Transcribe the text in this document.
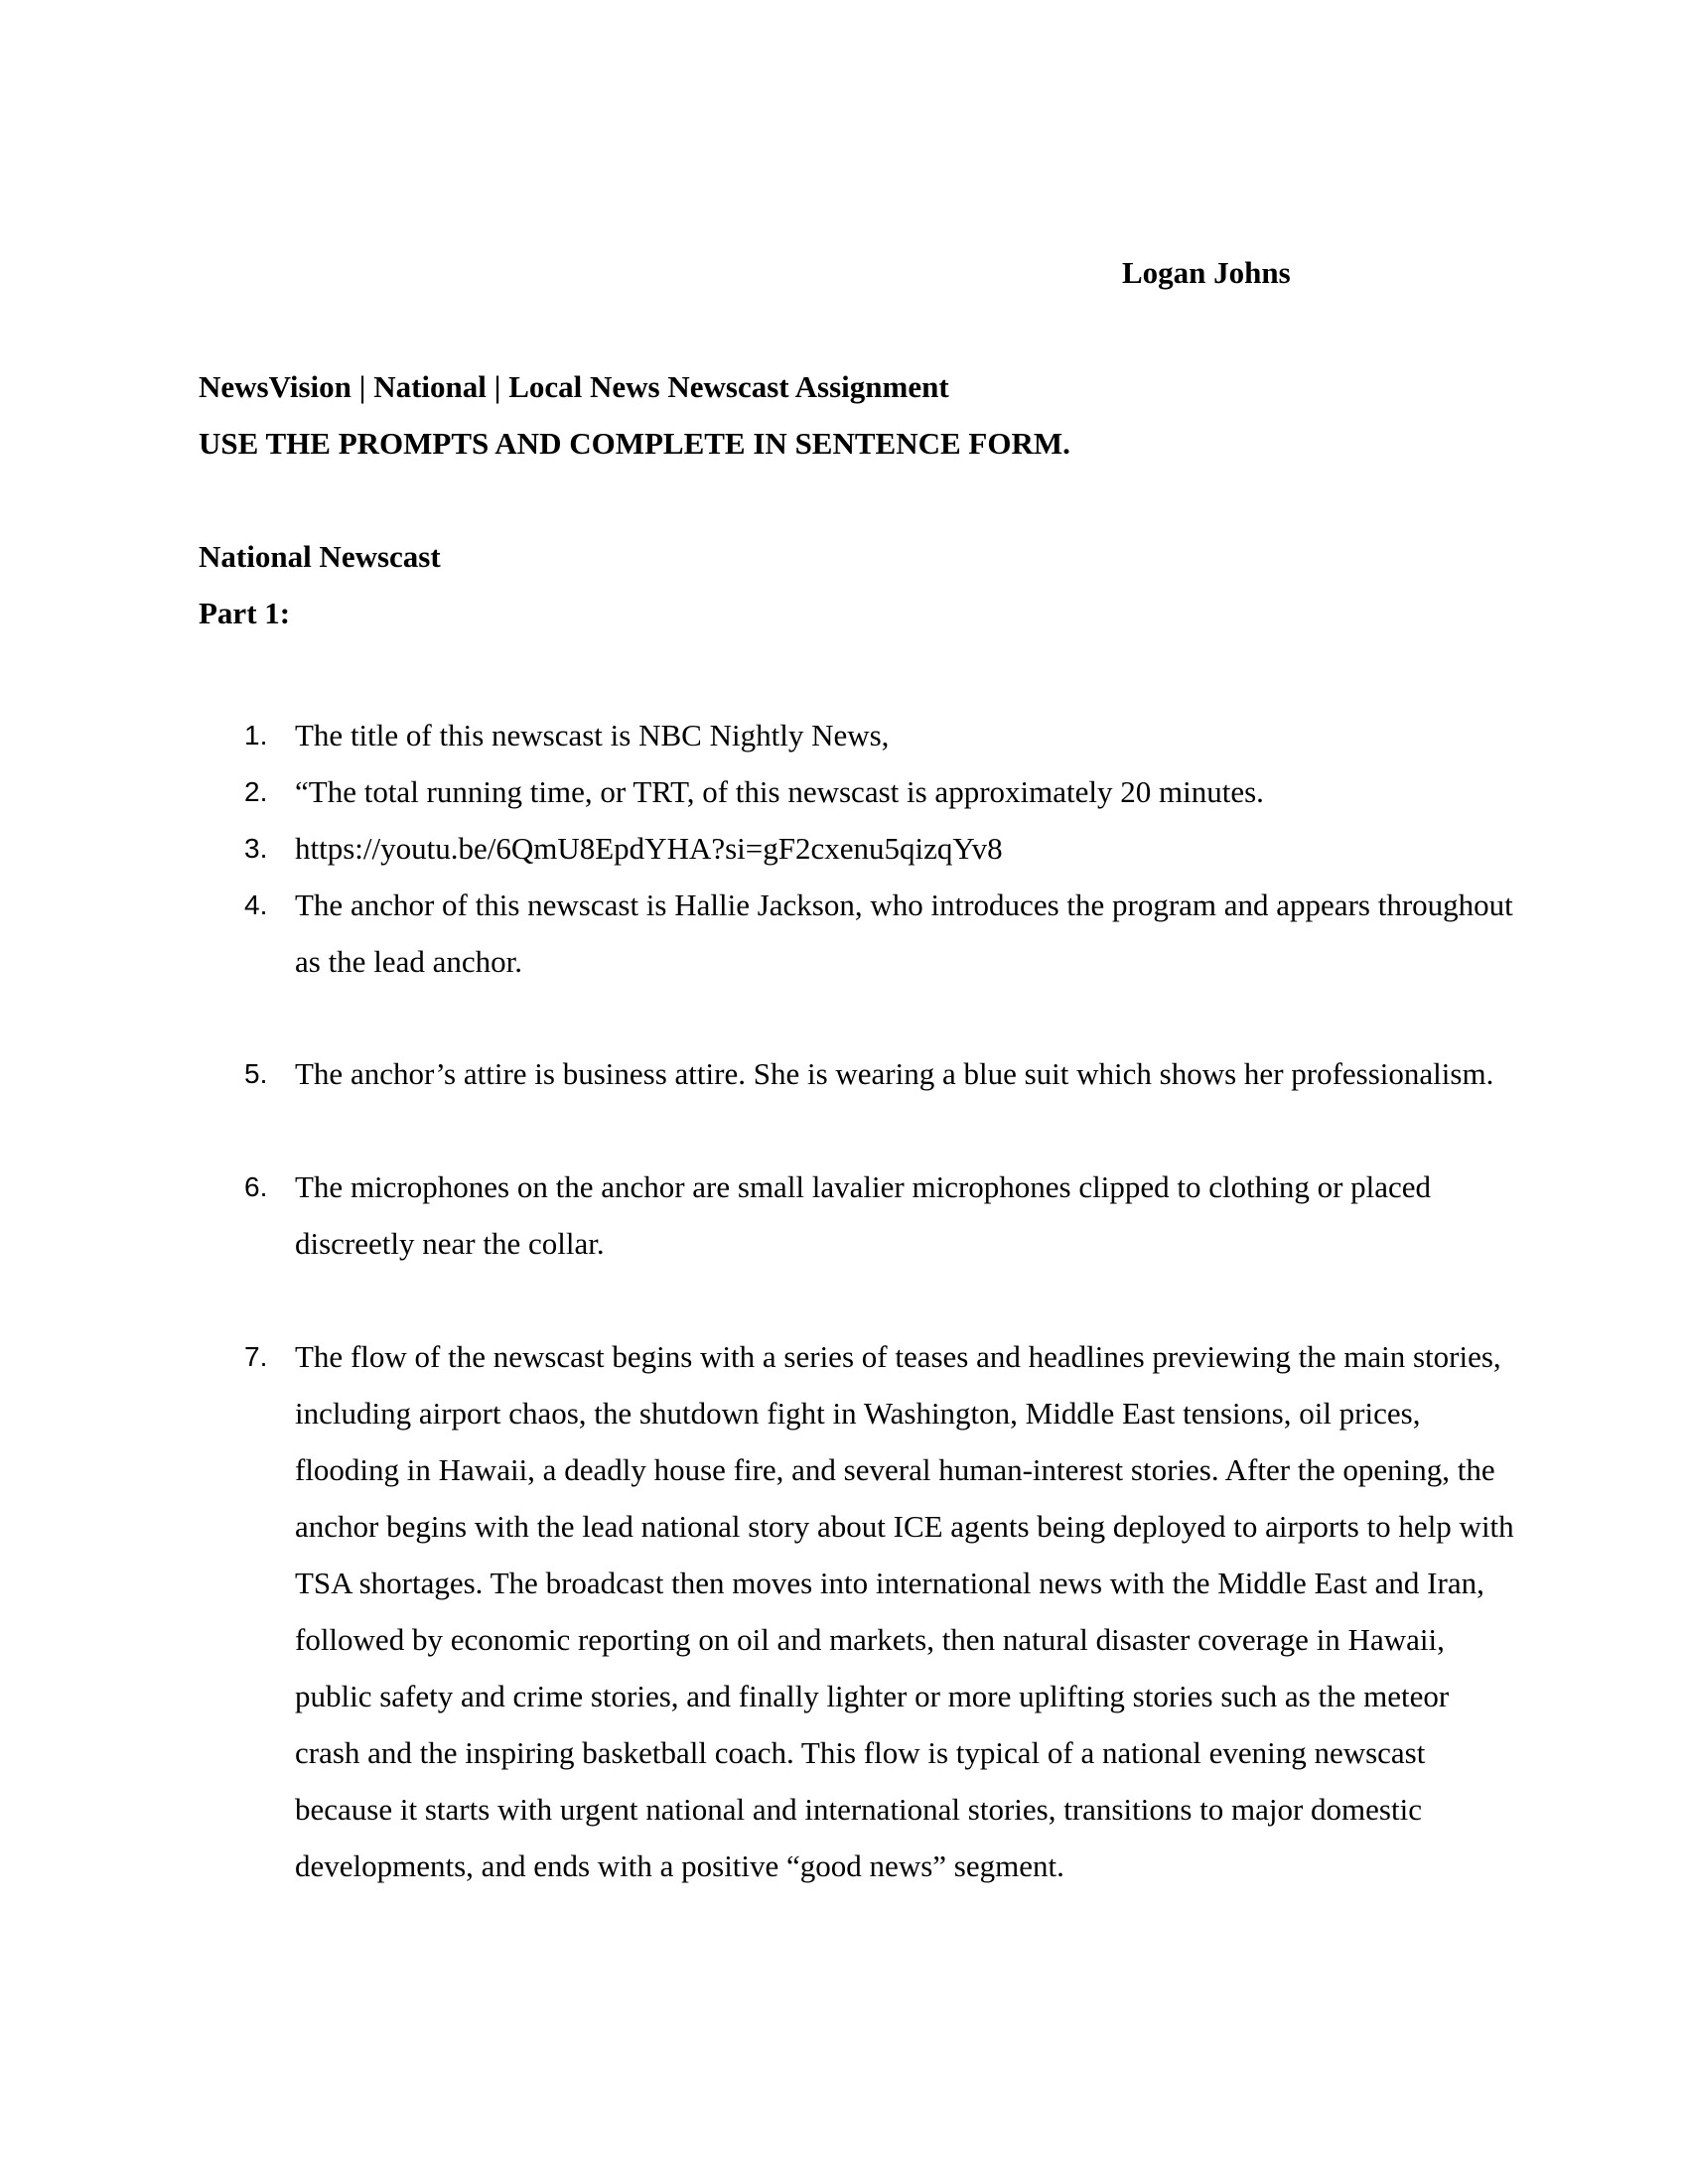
Logan Johns
NewsVision | National | Local News Newscast Assignment
USE THE PROMPTS AND COMPLETE IN SENTENCE FORM.
National Newscast
Part 1:
1. The title of this newscast is NBC Nightly News,
2. “The total running time, or TRT, of this newscast is approximately 20 minutes.
3. https://youtu.be/6QmU8EpdYHA?si=gF2cxenu5qizqYv8
4. The anchor of this newscast is Hallie Jackson, who introduces the program and appears throughout as the lead anchor.
5. The anchor’s attire is business attire. She is wearing a blue suit which shows her professionalism.
6. The microphones on the anchor are small lavalier microphones clipped to clothing or placed discreetly near the collar.
7. The flow of the newscast begins with a series of teases and headlines previewing the main stories, including airport chaos, the shutdown fight in Washington, Middle East tensions, oil prices, flooding in Hawaii, a deadly house fire, and several human-interest stories. After the opening, the anchor begins with the lead national story about ICE agents being deployed to airports to help with TSA shortages. The broadcast then moves into international news with the Middle East and Iran, followed by economic reporting on oil and markets, then natural disaster coverage in Hawaii, public safety and crime stories, and finally lighter or more uplifting stories such as the meteor crash and the inspiring basketball coach. This flow is typical of a national evening newscast because it starts with urgent national and international stories, transitions to major domestic developments, and ends with a positive “good news” segment.
